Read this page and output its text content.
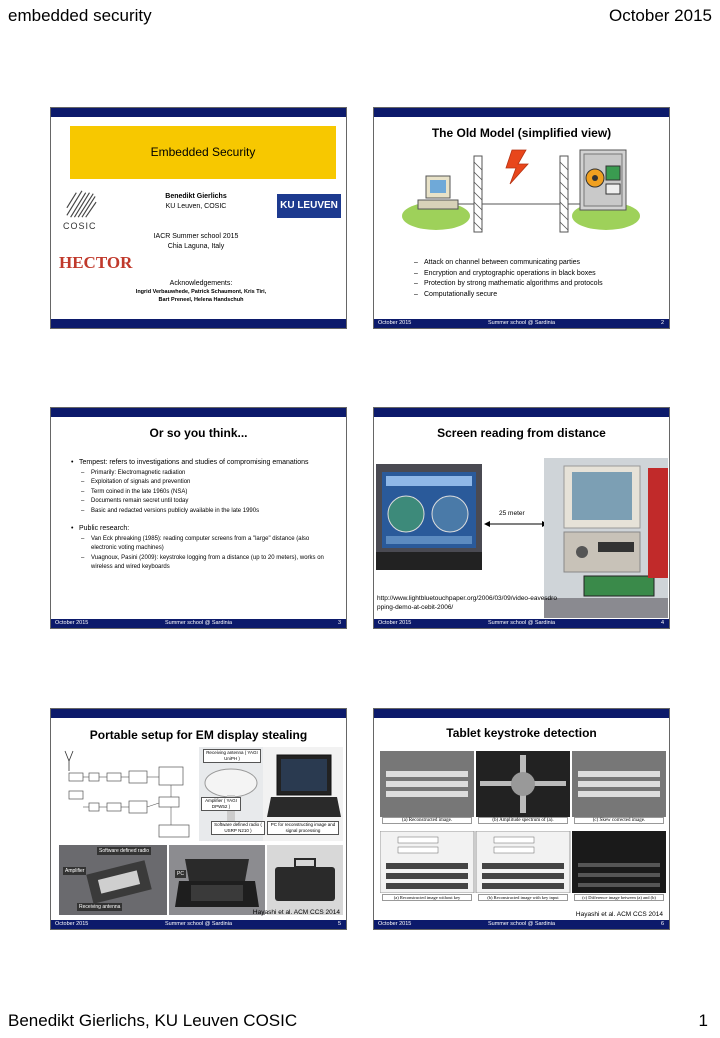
embedded security	October 2015
Embedded Security
COSIC
Benedikt Gierlichs
KU Leuven, COSIC	KU LEUVEN
IACR Summer school 2015
Chia Laguna, Italy
HECTOR
Acknowledgements:
Ingrid Verbauwhede, Patrick Schaumont, Kris Tiri,
Bart Preneel, Helena Handschuh
The Old Model (simplified view)
– Attack on channel between communicating parties
– Encryption and cryptographic operations in black boxes
– Protection by strong mathematic algorithms and protocols
– Computationally secure
October 2015	Summer school @ Sardinia	2
Or so you think...
• Tempest: refers to investigations and studies of compromising emanations
– Primarily: Electromagnetic radiation
– Exploitation of signals and prevention
– Term coined in the late 1960s (NSA)
– Documents remain secret until today
– Basic and redacted versions publicly available in the late 1990s
• Public research:
– Van Eck phreaking (1985): reading computer screens from a "large" distance (also electronic voting machines)
– Vuagnoux, Pasini (2009): keystroke logging from a distance (up to 20 meters), works on wireless and wired keyboards
October 2015	Summer school @ Sardinia	3
Screen reading from distance
25 meter
http://www.lightbluetouchpaper.org/2006/03/09/video-eavesdropping-demo-at-cebit-2006/
October 2015	Summer school @ Sardinia	4
Portable setup for EM display stealing
Receiving antenna ( YAGI UniPH )
Amplifier ( YAGI DPW52 )
Software defined radio ( USRP N210 )
PC for reconstructing image and signal processing
Software defined radio
Amplifier
Receiving antenna
PC
Hayashi et al. ACM CCS 2014
October 2015	Summer school @ Sardinia	5
Tablet keystroke detection
(a) Reconstructed image.	(b) Amplitude spectrum of (a).	(c) Skew corrected image.
(a) Reconstructed image without key	(b) Reconstructed image with key input	(c) Difference image between (a) and (b)
Hayashi et al. ACM CCS 2014
October 2015	Summer school @ Sardinia	6
Benedikt Gierlichs, KU Leuven COSIC	1
